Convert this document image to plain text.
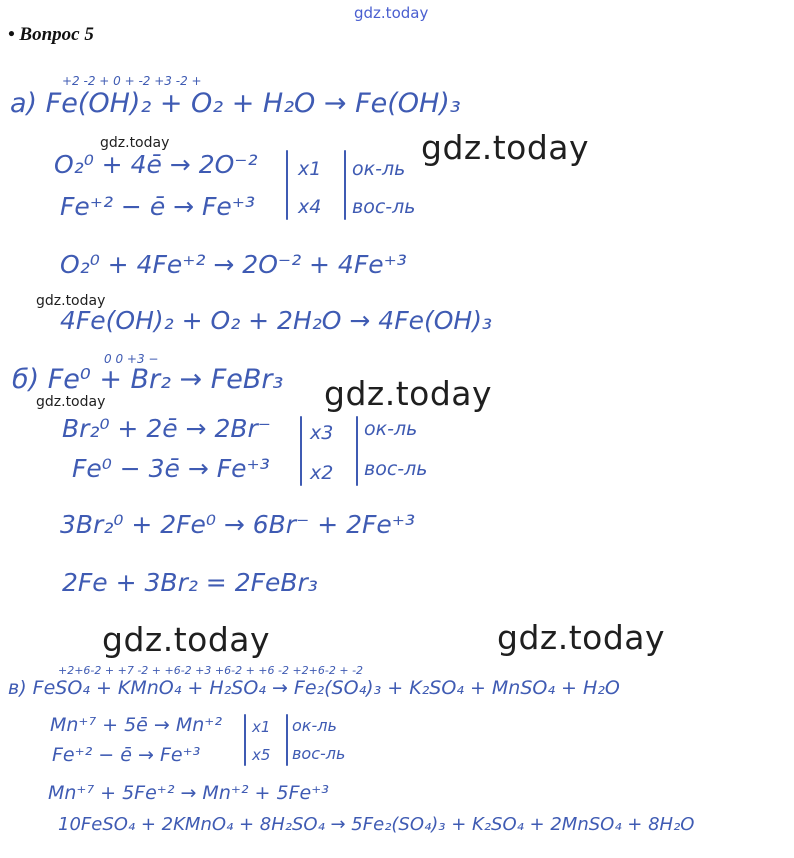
gdz.today
gdz.today
gdz.today
gdz.today
gdz.today
gdz.today
gdz.today	gdz.today
• Вопрос 5
+2 -2 + 0 + -2 +3 -2 +
а) Fe(OH)₂ + O₂ + H₂O → Fe(OH)₃
O₂⁰ + 4ē → 2O⁻²
Fe⁺² − ē → Fe⁺³
x1
x4
ок-ль
вос-ль
O₂⁰ + 4Fe⁺² → 2O⁻² + 4Fe⁺³
4Fe(OH)₂ + O₂ + 2H₂O → 4Fe(OH)₃
0 0 +3 −
б) Fe⁰ + Br₂ → FeBr₃
Br₂⁰ + 2ē → 2Br⁻
Fe⁰ − 3ē → Fe⁺³
x3
x2
ок-ль
вос-ль
3Br₂⁰ + 2Fe⁰ → 6Br⁻ + 2Fe⁺³
2Fe + 3Br₂ = 2FeBr₃
+2+6-2 + +7 -2 + +6-2 +3 +6-2 + +6 -2 +2+6-2 + -2
в) FeSO₄ + KMnO₄ + H₂SO₄ → Fe₂(SO₄)₃ + K₂SO₄ + MnSO₄ + H₂O
Mn⁺⁷ + 5ē → Mn⁺²
Fe⁺² − ē → Fe⁺³
x1
x5
ок-ль
вос-ль
Mn⁺⁷ + 5Fe⁺² → Mn⁺² + 5Fe⁺³
10FeSO₄ + 2KMnO₄ + 8H₂SO₄ → 5Fe₂(SO₄)₃ + K₂SO₄ + 2MnSO₄ + 8H₂O
